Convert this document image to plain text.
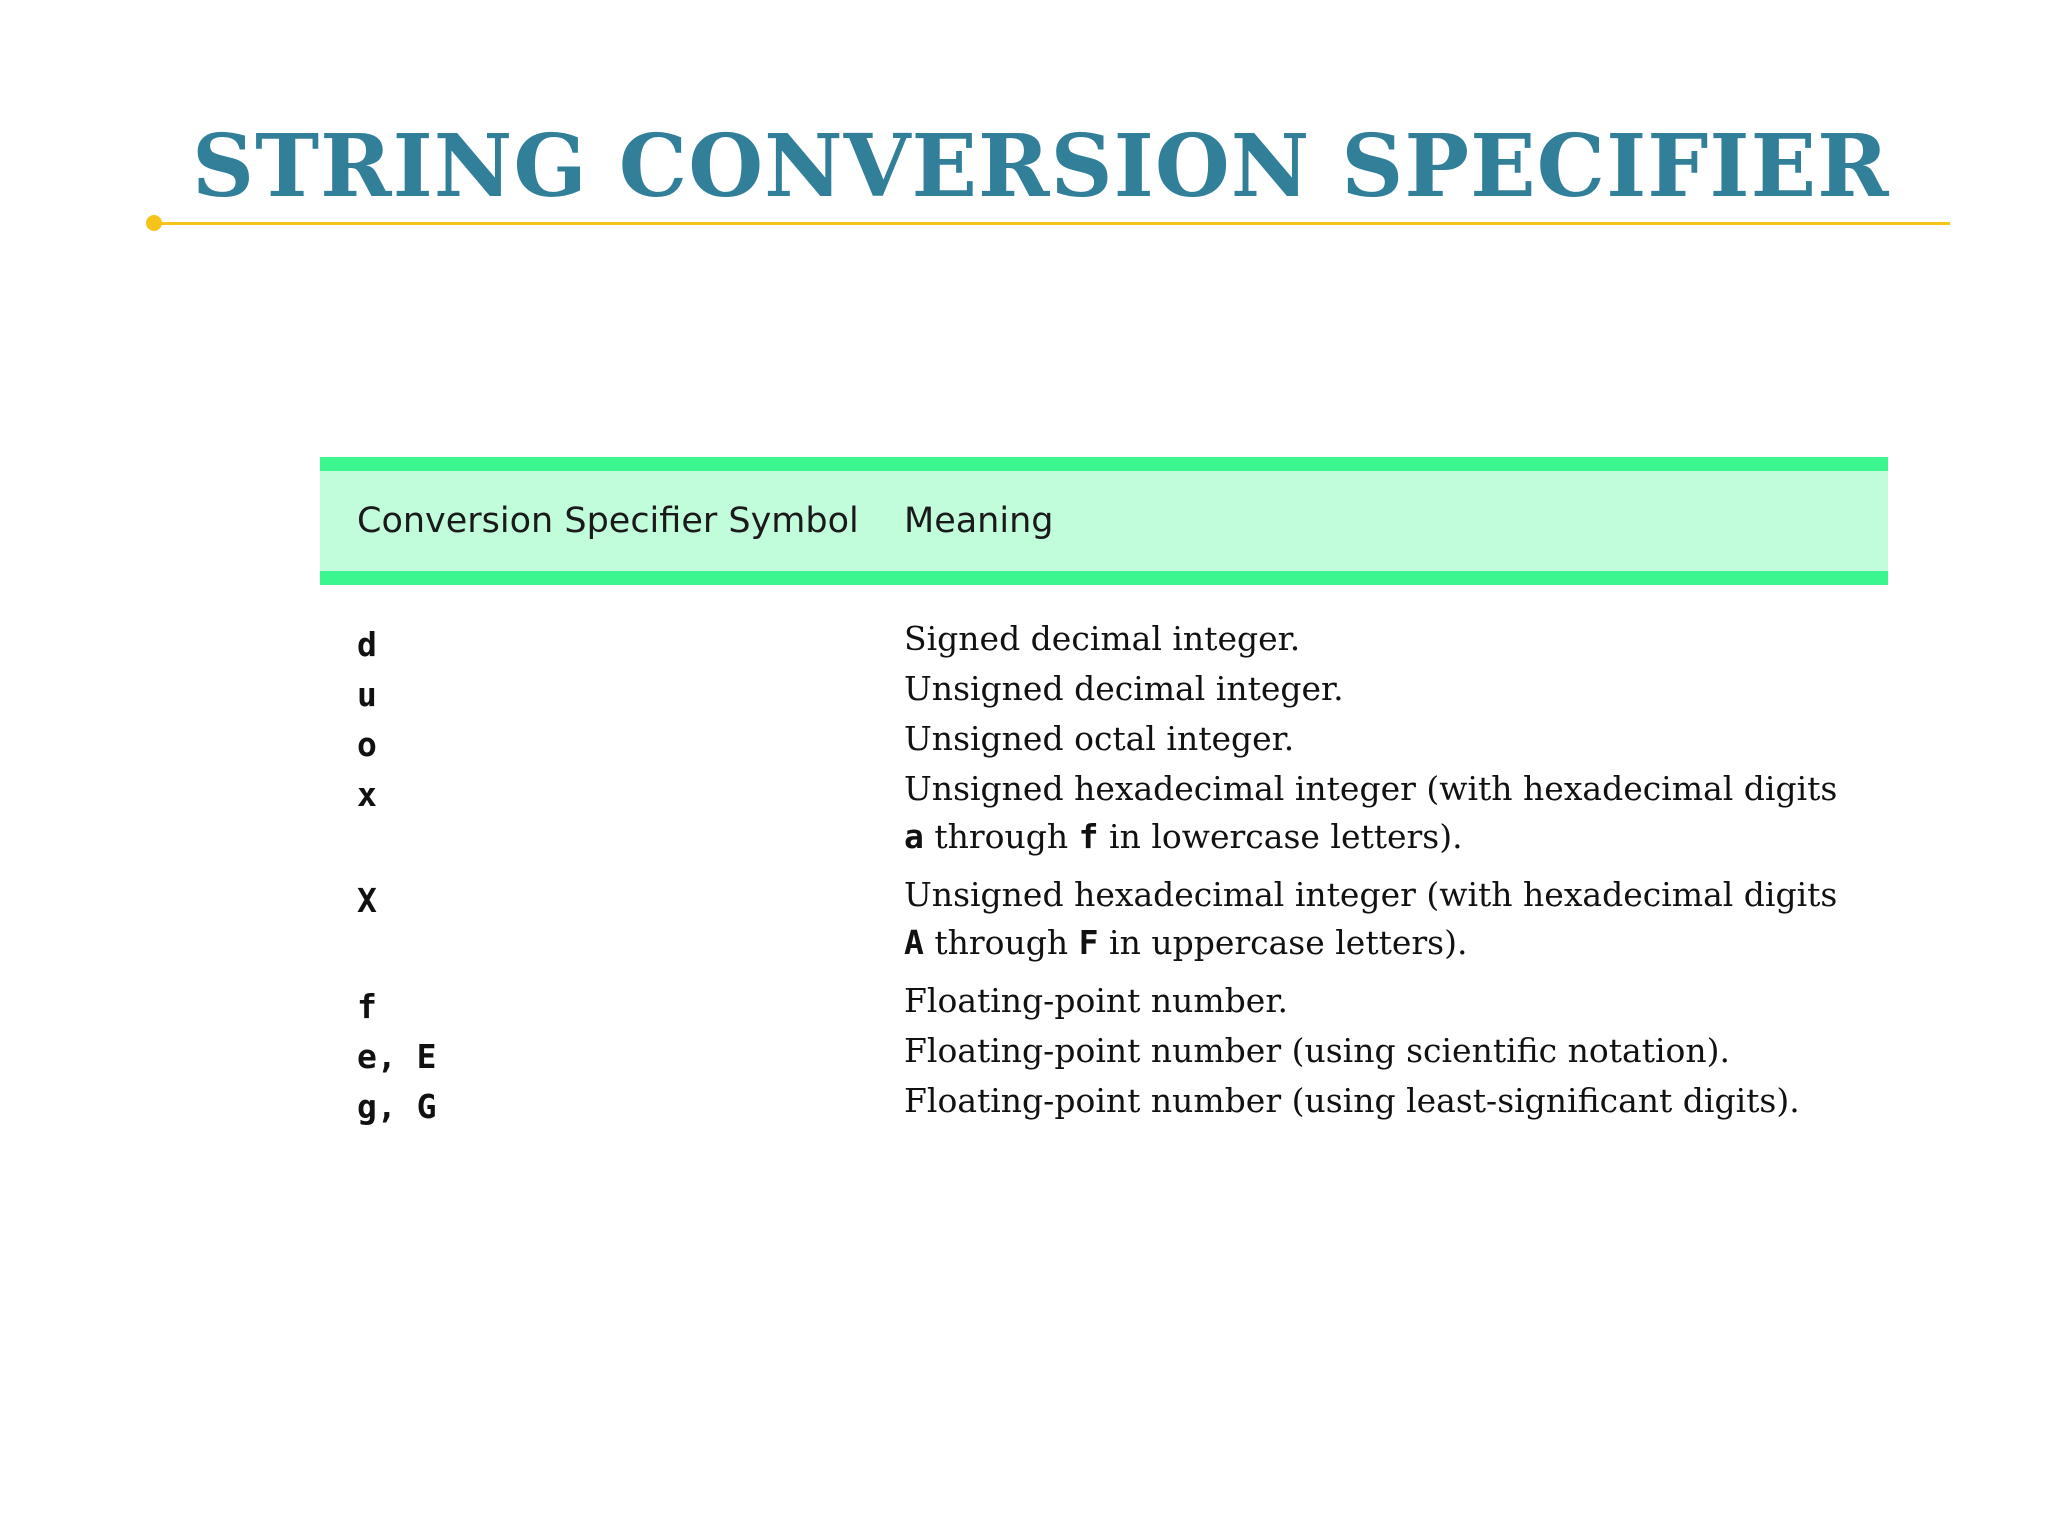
STRING CONVERSION SPECIFIER
Conversion Specifier Symbol Meaning
d	Signed decimal integer.
u	Unsigned decimal integer.
o	Unsigned octal integer.
x	Unsigned hexadecimal integer (with hexadecimal digits a through f in lowercase letters).
X	Unsigned hexadecimal integer (with hexadecimal digits A through F in uppercase letters).
f	Floating-point number.
e, E	Floating-point number (using scientific notation).
g, G	Floating-point number (using least-significant digits).
